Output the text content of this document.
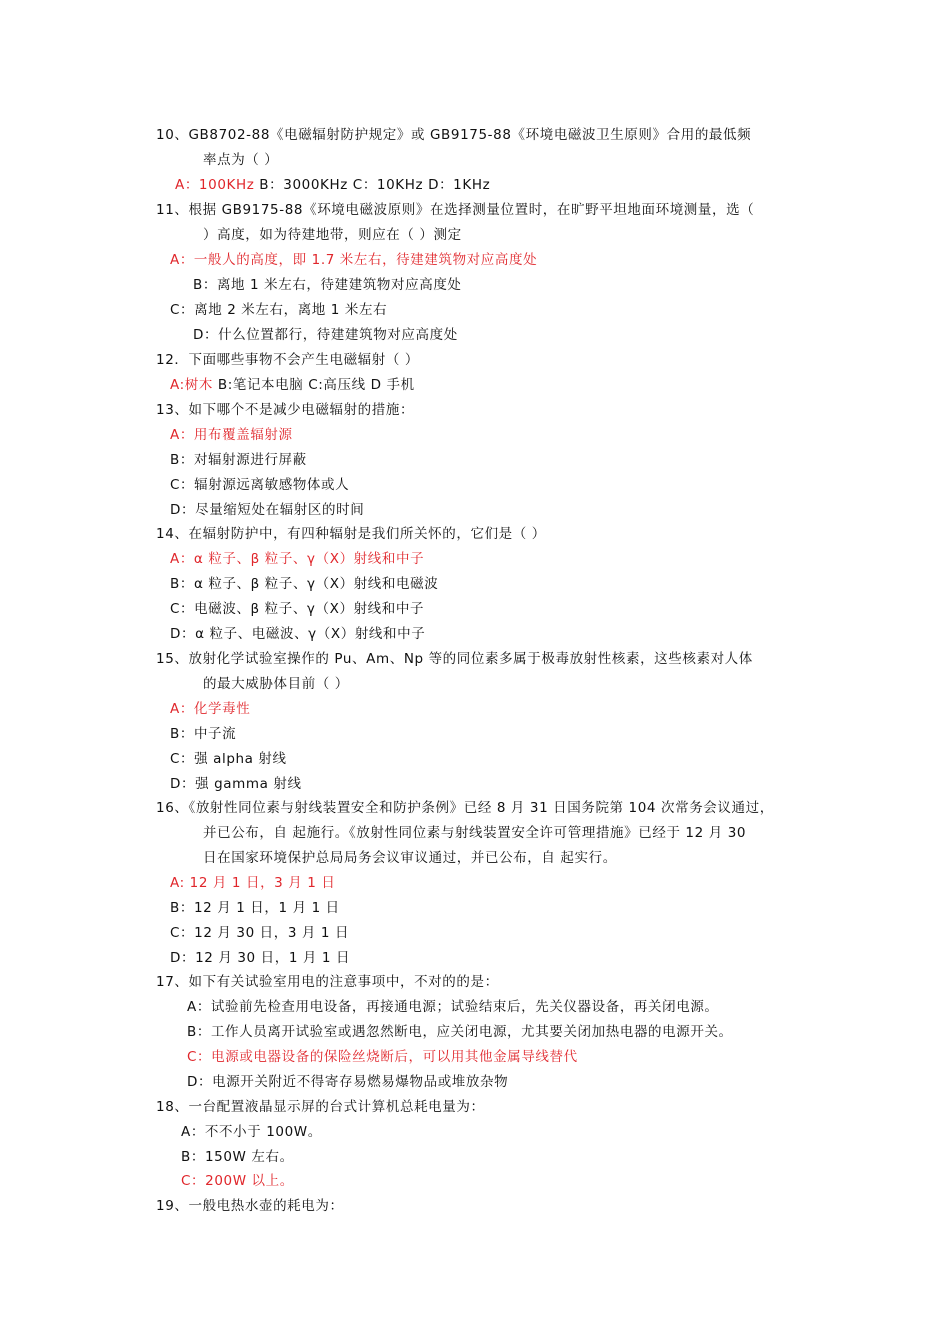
10、GB8702-88《电磁辐射防护规定》或 GB9175-88《环境电磁波卫生原则》合用的最低频
率点为（ ）
A：100KHz B：3000KHz C：10KHz D：1KHz
11、根据 GB9175-88《环境电磁波原则》在选择测量位置时，在旷野平坦地面环境测量，选（
）高度，如为待建地带，则应在（ ）测定
A：一般人的高度，即 1.7 米左右，待建建筑物对应高度处
B：离地 1 米左右，待建建筑物对应高度处
C：离地 2 米左右，离地 1 米左右
D：什么位置都行，待建建筑物对应高度处
12．下面哪些事物不会产生电磁辐射（ ）
A:树木 B:笔记本电脑 C:高压线 D 手机
13、如下哪个不是减少电磁辐射的措施：
A：用布覆盖辐射源
B：对辐射源进行屏蔽
C：辐射源远离敏感物体或人
D：尽量缩短处在辐射区的时间
14、在辐射防护中，有四种辐射是我们所关怀的，它们是（ ）
A：α 粒子、β 粒子、γ（X）射线和中子
B：α 粒子、β 粒子、γ（X）射线和电磁波
C：电磁波、β 粒子、γ（X）射线和中子
D：α 粒子、电磁波、γ（X）射线和中子
15、放射化学试验室操作的 Pu、Am、Np 等的同位素多属于极毒放射性核素，这些核素对人体
的最大威胁体目前（ ）
A：化学毒性
B：中子流
C：强 alpha 射线
D：强 gamma 射线
16、《放射性同位素与射线装置安全和防护条例》已经 8 月 31 日国务院第 104 次常务会议通过，
并已公布，自 起施行。《放射性同位素与射线装置安全许可管理措施》已经于 12 月 30
日在国家环境保护总局局务会议审议通过，并已公布，自 起实行。
A: 12 月 1 日，3 月 1 日
B：12 月 1 日，1 月 1 日
C：12 月 30 日，3 月 1 日
D：12 月 30 日，1 月 1 日
17、如下有关试验室用电的注意事项中，不对的的是：
A：试验前先检查用电设备，再接通电源；试验结束后，先关仪器设备，再关闭电源。
B：工作人员离开试验室或遇忽然断电，应关闭电源，尤其要关闭加热电器的电源开关。
C：电源或电器设备的保险丝烧断后，可以用其他金属导线替代
D：电源开关附近不得寄存易燃易爆物品或堆放杂物
18、一台配置液晶显示屏的台式计算机总耗电量为：
A：不不小于 100W。
B：150W 左右。
C：200W 以上。
19、一般电热水壶的耗电为：
